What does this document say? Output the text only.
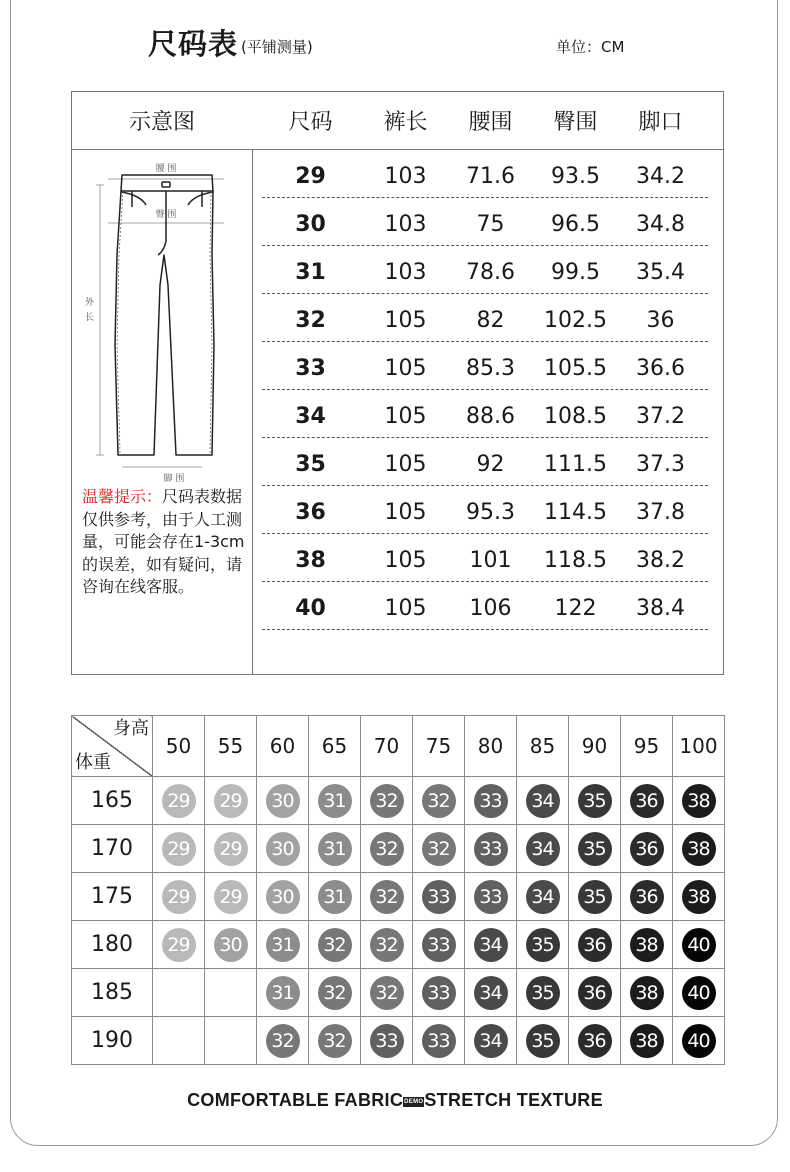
尺码表 (平铺测量)	单位：CM
示意图	尺码	裤长	腰围	臀围	脚口
腰 围
臀 围
外
长
脚 围
温馨提示：尺码表数据仅供参考，由于人工测量，可能会存在1-3cm的误差，如有疑问，请咨询在线客服。
29	103	71.6	93.5	34.2
30	103	75	96.5	34.8
31	103	78.6	99.5	35.4
32	105	82	102.5	36
33	105	85.3	105.5	36.6
34	105	88.6	108.5	37.2
35	105	92	111.5	37.3
36	105	95.3	114.5	37.8
38	105	101	118.5	38.2
40	105	106	122	38.4
身高
体重	50	55	60	65	70	75	80	85	90	95	100
165	29	29	30	31	32	32	33	34	35	36	38
170	29	29	30	31	32	32	33	34	35	36	38
175	29	29	30	31	32	33	33	34	35	36	38
180	29	30	31	32	32	33	34	35	36	38	40
185			31	32	32	33	34	35	36	38	40
190			32	32	33	33	34	35	36	38	40
COMFORTABLE FABRICDEMOSTRETCH TEXTURE
